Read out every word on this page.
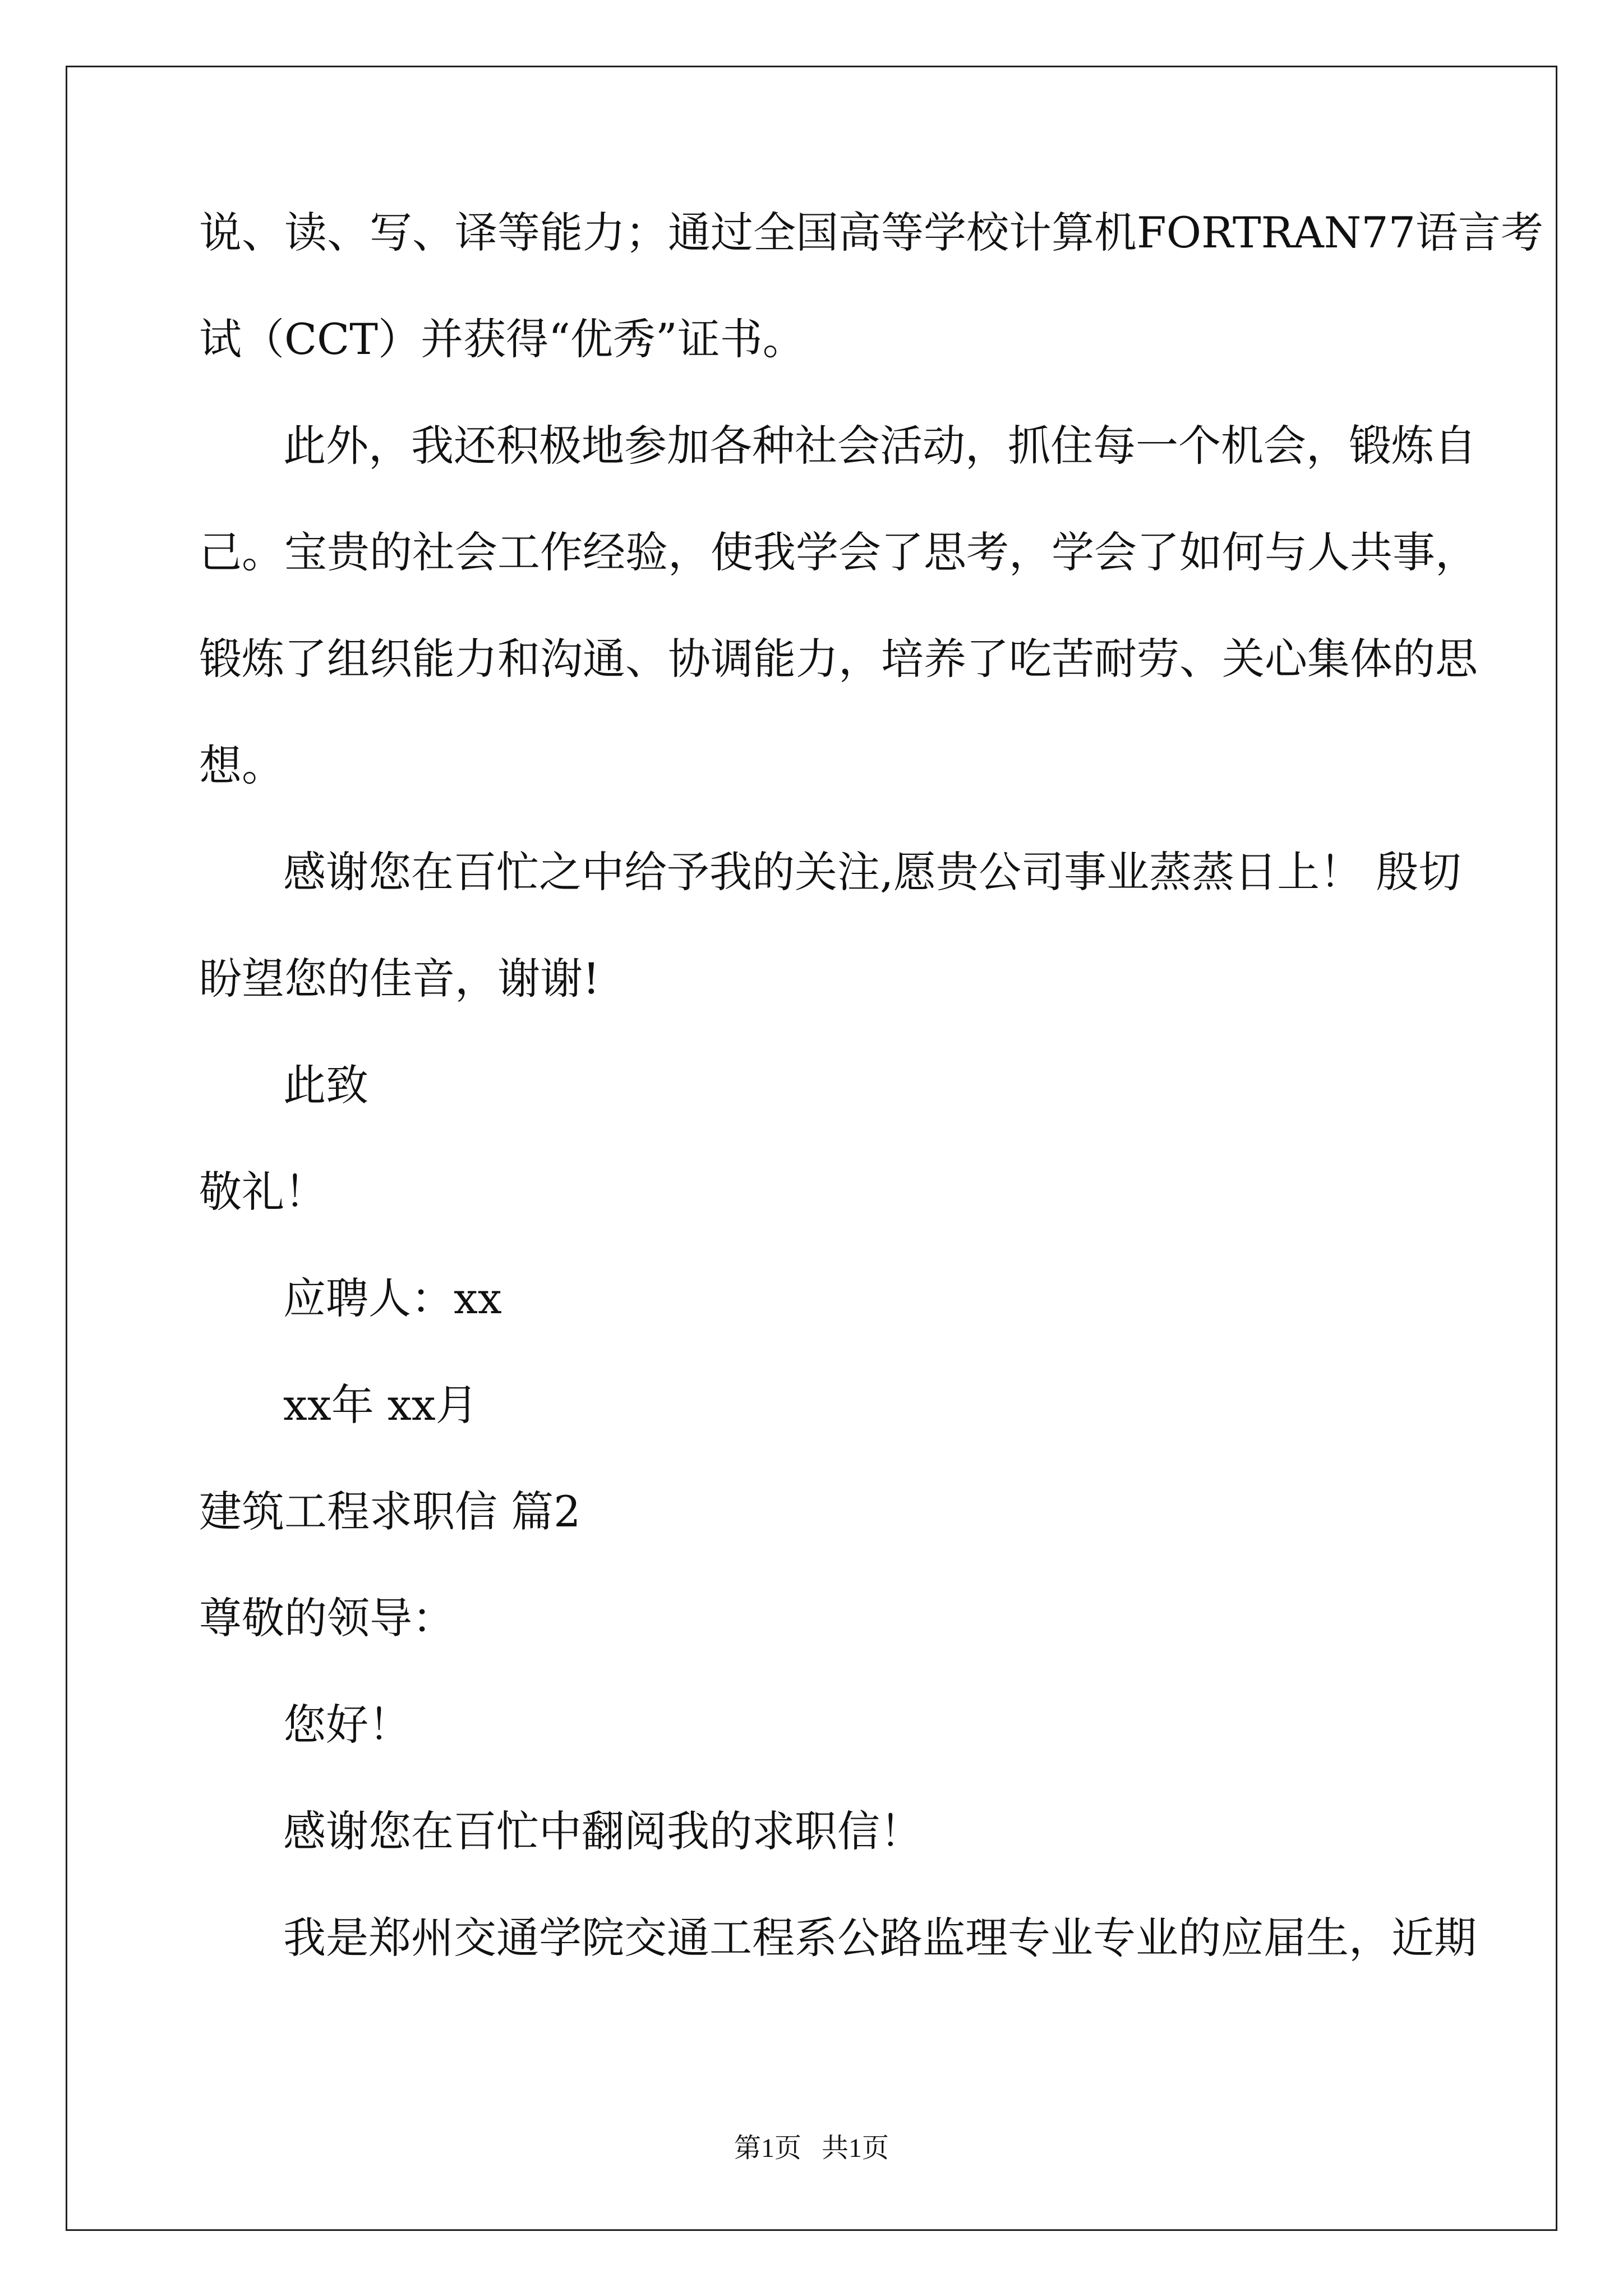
说、读、写、译等能力；通过全国高等学校计算机FORTRAN77语言考
试（CCT）并获得“优秀”证书。
此外，我还积极地参加各种社会活动，抓住每一个机会，锻炼自
己。宝贵的社会工作经验，使我学会了思考，学会了如何与人共事，
锻炼了组织能力和沟通、协调能力，培养了吃苦耐劳、关心集体的思
想。
感谢您在百忙之中给予我的关注,愿贵公司事业蒸蒸日上！ 殷切
盼望您的佳音，谢谢!
此致
敬礼！
应聘人：xx
xx年 xx月
建筑工程求职信 篇2
尊敬的领导：
您好！
感谢您在百忙中翻阅我的求职信！
我是郑州交通学院交通工程系公路监理专业专业的应届生，近期
第1页   共1页
